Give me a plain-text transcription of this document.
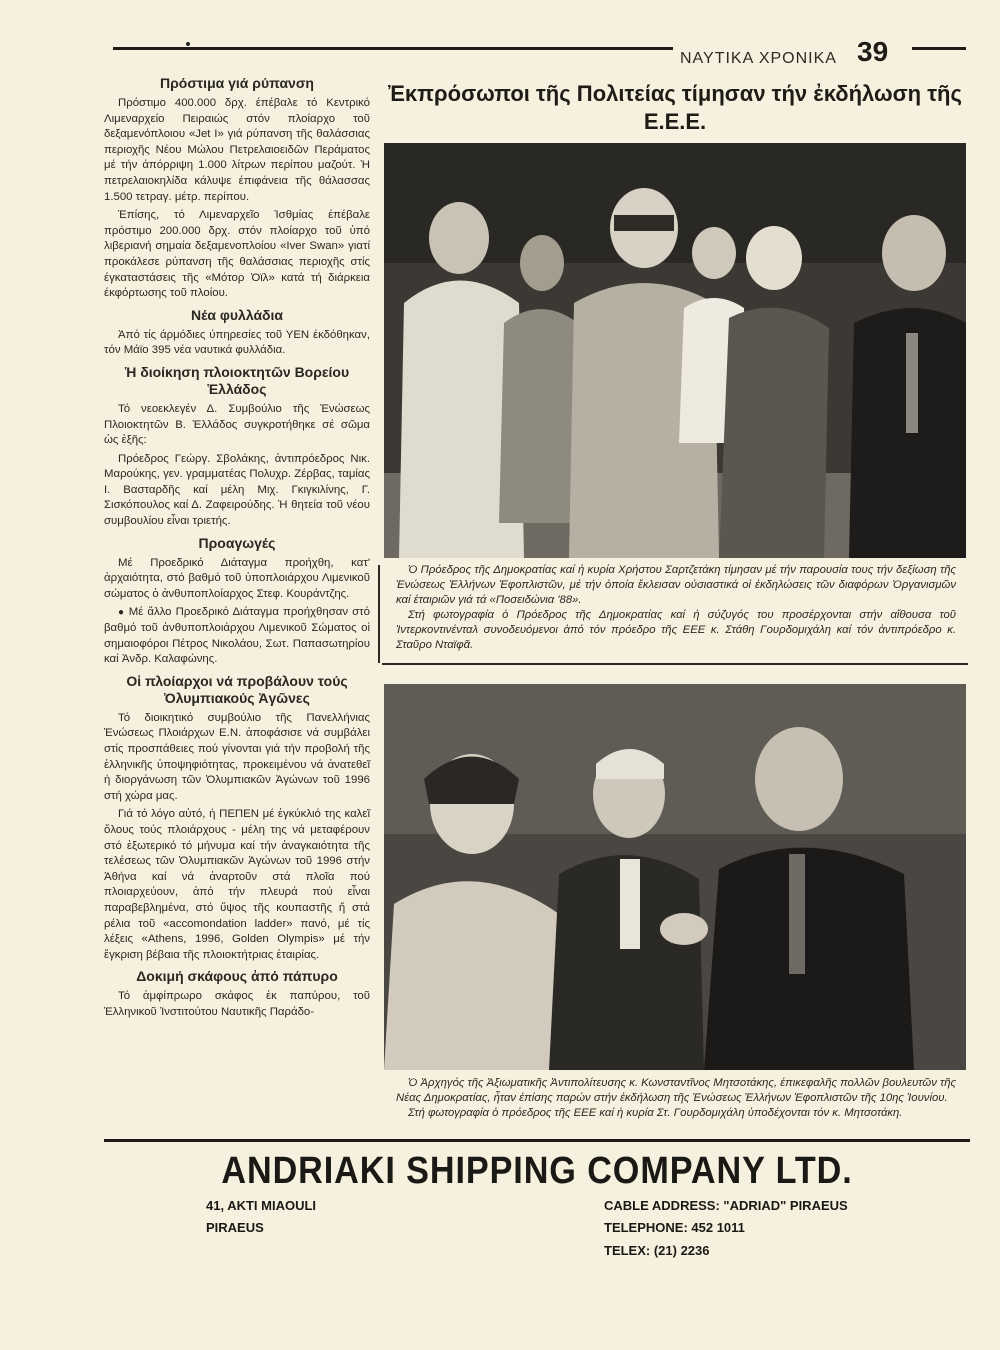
ΝΑΥΤΙΚΑ ΧΡΟΝΙΚΑ 39
Πρόστιμα γιά ρύπανση

Πρόστιμο 400.000 δρχ. έπέβαλε τό Κεντρικό Λιμεναρχείο Πειραιώς στόν πλοίαρχο τοῦ δεξαμενόπλοιου «Jet I» γιά ρύπανση τῆς θαλάσσιας περιοχῆς Νέου Μώλου Πετρελαιοειδῶν Περάματος μέ τήν άπόρριψη 1.000 λίτρων περίπου μαζούτ. Ἡ πετρελαιοκηλίδα κάλυψε έπιφάνεια τῆς θάλασσας 1.500 τετραγ. μέτρ. περίπου.

Ἐπίσης, τό Λιμεναρχεῖο Ἰσθμίας έπέβαλε πρόστιμο 200.000 δρχ. στόν πλοίαρχο τοῦ ὑπό λιβεριανή σημαία δεξαμενοπλοίου «Iver Swan» γιατί προκάλεσε ρύπανση τῆς θαλάσσιας περιοχῆς στίς έγκαταστάσεις τῆς «Μότορ Ὀϊλ» κατά τή διάρκεια έκφόρτωσης τοῦ πλοίου.

Νέα φυλλάδια

Ἀπό τίς άρμόδιες ύπηρεσίες τοῦ ΥΕΝ έκδόθηκαν, τόν Μάϊο 395 νέα ναυτικά φυλλάδια.

Ἡ διοίκηση πλοιοκτητῶν Βορείου Ἑλλάδος

Τό νεοεκλεγέν Δ. Συμβούλιο τῆς Ἑνώσεως Πλοιοκτητῶν Β. Ἑλλάδος συγκροτήθηκε σέ σῶμα ὡς ἑξῆς:

Πρόεδρος Γεώργ. Σβολάκης, ἀντιπρόεδρος Νικ. Μαρούκης, γεν. γραμματέας Πολυχρ. Ζέρβας, ταμίας Ι. Βασταρδῆς καί μέλη Μιχ. Γκιγκιλίνης, Γ. Σισκόπουλος καί Δ. Ζαφειρούδης. Ἡ θητεία τοῦ νέου συμβουλίου εἶναι τριετής.

Προαγωγές

Μέ Προεδρικό Διάταγμα προήχθη, κατ' ἀρχαιότητα, στό βαθμό τοῦ ὑποπλοιάρχου Λιμενικοῦ σώματος ὁ ἀνθυποπλοίαρχος Στεφ. Κουράντζης.

● Μέ ἄλλο Προεδρικό Διάταγμα προήχθησαν στό βαθμό τοῦ ἀνθυποπλοιάρχου Λιμενικοῦ Σώματος οἱ σημαιοφόροι Πέτρος Νικολάου, Σωτ. Παπασωτηρίου καί Ἀνδρ. Καλαφώνης.

Οἱ πλοίαρχοι νά προβάλουν τούς Ὀλυμπιακούς Ἀγῶνες

Τό διοικητικό συμβούλιο τῆς Πανελλήνιας Ἑνώσεως Πλοιάρχων Ε.Ν. ἀποφάσισε νά συμβάλει στίς προσπάθειες πού γίνονται γιά τήν προβολή τῆς ἑλληνικῆς ὑποψηφιότητας, προκειμένου νά ἀνατεθεῖ ἡ διοργάνωση τῶν Ὀλυμπιακῶν Ἀγώνων τοῦ 1996 στή χώρα μας.

Γιά τό λόγο αὐτό, ἡ ΠΕΠΕΝ μέ ἐγκύκλιό της καλεῖ ὅλους τούς πλοιάρχους - μέλη της νά μεταφέρουν στό ἐξωτερικό τό μήνυμα καί τήν ἀναγκαιότητα τῆς τελέσεως τῶν Ὀλυμπιακῶν Ἀγώνων τοῦ 1996 στήν Ἀθήνα καί νά ἀναρτοῦν στά πλοῖα πού πλοιαρχεύουν, ἀπό τήν πλευρά πού εἶναι παραβεβλημένα, στό ὕψος τῆς κουπαστῆς ἤ στά ρέλια τοῦ «accomondation ladder» πανό, μέ τίς λέξεις «Athens, 1996, Golden Olympis» μέ τήν ἔγκριση βέβαια τῆς πλοιοκτήτριας ἑταιρίας.

Δοκιμή σκάφους ἀπό πάπυρο

Τό ἀμφίπρωρο σκάφος ἐκ παπύρου, τοῦ Ἑλληνικοῦ Ἰνστιτούτου Ναυτικῆς Παράδο-

Ἐκπρόσωποι τῆς Πολιτείας τίμησαν τήν ἐκδήλωση τῆς Ε.Ε.Ε.

Ὁ Πρόεδρος τῆς Δημοκρατίας καί ἡ κυρία Χρήστου Σαρτζετάκη τίμησαν μέ τήν παρουσία τους τήν δεξίωση τῆς Ἑνώσεως Ἑλλήνων Ἐφοπλιστῶν, μέ τήν ὁποία ἔκλεισαν οὐσιαστικά οἱ ἐκδηλώσεις τῶν διαφόρων Ὀργανισμῶν καί ἑταιριῶν γιά τά «Ποσειδώνια '88».

Στή φωτογραφία ὁ Πρόεδρος τῆς Δημοκρατίας καί ἡ σύζυγός του προσέρχονται στήν αἴθουσα τοῦ Ἰντερκοντινένταλ συνοδευόμενοι ἀπό τόν πρόεδρο τῆς ΕΕΕ κ. Στάθη Γουρδομιχάλη καί τόν ἀντιπρόεδρο κ. Σταῦρο Νταϊφᾶ.

Ὁ Ἀρχηγός τῆς Ἀξιωματικῆς Ἀντιπολίτευσης κ. Κωνσταντῖνος Μητσοτάκης, ἐπικεφαλῆς πολλῶν βουλευτῶν τῆς Νέας Δημοκρατίας, ἦταν ἐπίσης παρών στήν ἐκδήλωση τῆς Ἑνώσεως Ἑλλήνων Ἐφοπλιστῶν τῆς 10ης Ἰουνίου.

Στή φωτογραφία ὁ πρόεδρος τῆς ΕΕΕ καί ἡ κυρία Στ. Γουρδομιχάλη ὑποδέχονται τόν κ. Μητσοτάκη.

ANDRIAKI SHIPPING COMPANY LTD.
41, AKTI MIAOULI
PIRAEUS
CABLE ADDRESS: "ADRIAD" PIRAEUS
TELEPHONE: 452 1011
TELEX: (21) 2236
